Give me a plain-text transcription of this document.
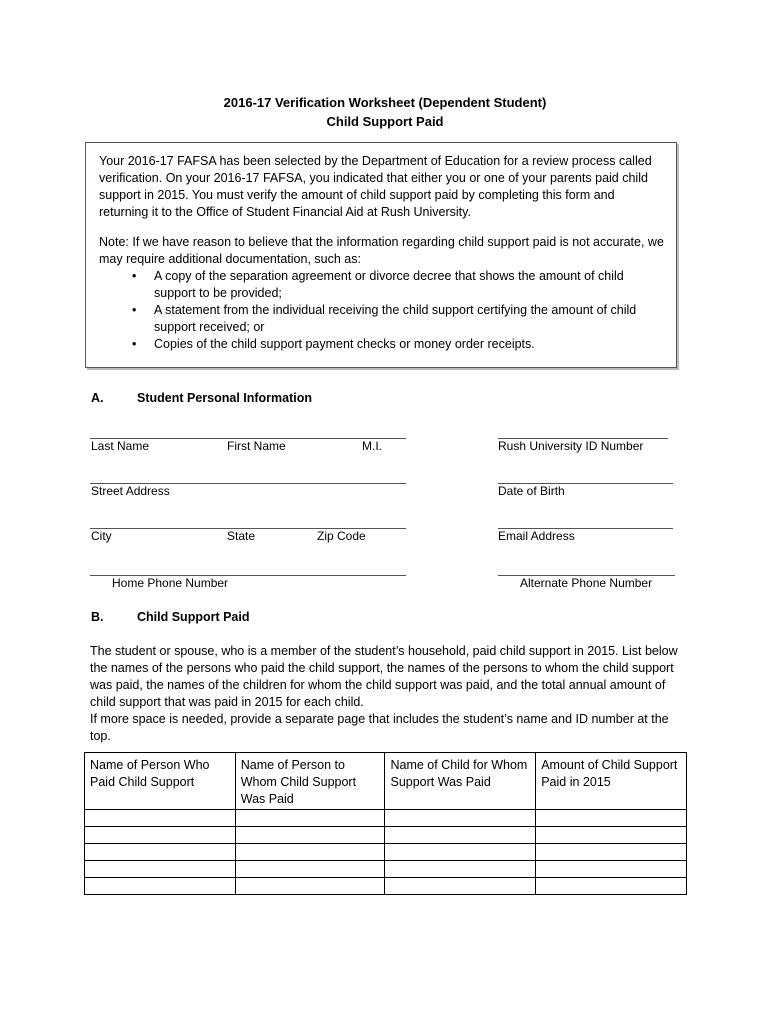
2016-17 Verification Worksheet (Dependent Student)
Child Support Paid

Your 2016-17 FAFSA has been selected by the Department of Education for a review process called verification. On your 2016-17 FAFSA, you indicated that either you or one of your parents paid child support in 2015. You must verify the amount of child support paid by completing this form and returning it to the Office of Student Financial Aid at Rush University.

Note: If we have reason to believe that the information regarding child support paid is not accurate, we may require additional documentation, such as:

• A copy of the separation agreement or divorce decree that shows the amount of child support to be provided;
• A statement from the individual receiving the child support certifying the amount of child support received; or
• Copies of the child support payment checks or money order receipts.
A.	Student Personal Information
Last Name	First Name	M.I.	Rush University ID Number
Street Address	Date of Birth
City	State	Zip Code	Email Address
Home Phone Number	Alternate Phone Number
B.	Child Support Paid

The student or spouse, who is a member of the student’s household, paid child support in 2015. List below the names of the persons who paid the child support, the names of the persons to whom the child support was paid, the names of the children for whom the child support was paid, and the total annual amount of child support that was paid in 2015 for each child.

If more space is needed, provide a separate page that includes the student’s name and ID number at the top.

Name of Person Who Paid Child Support	Name of Person to Whom Child Support Was Paid	Name of Child for Whom Support Was Paid	Amount of Child Support Paid in 2015
